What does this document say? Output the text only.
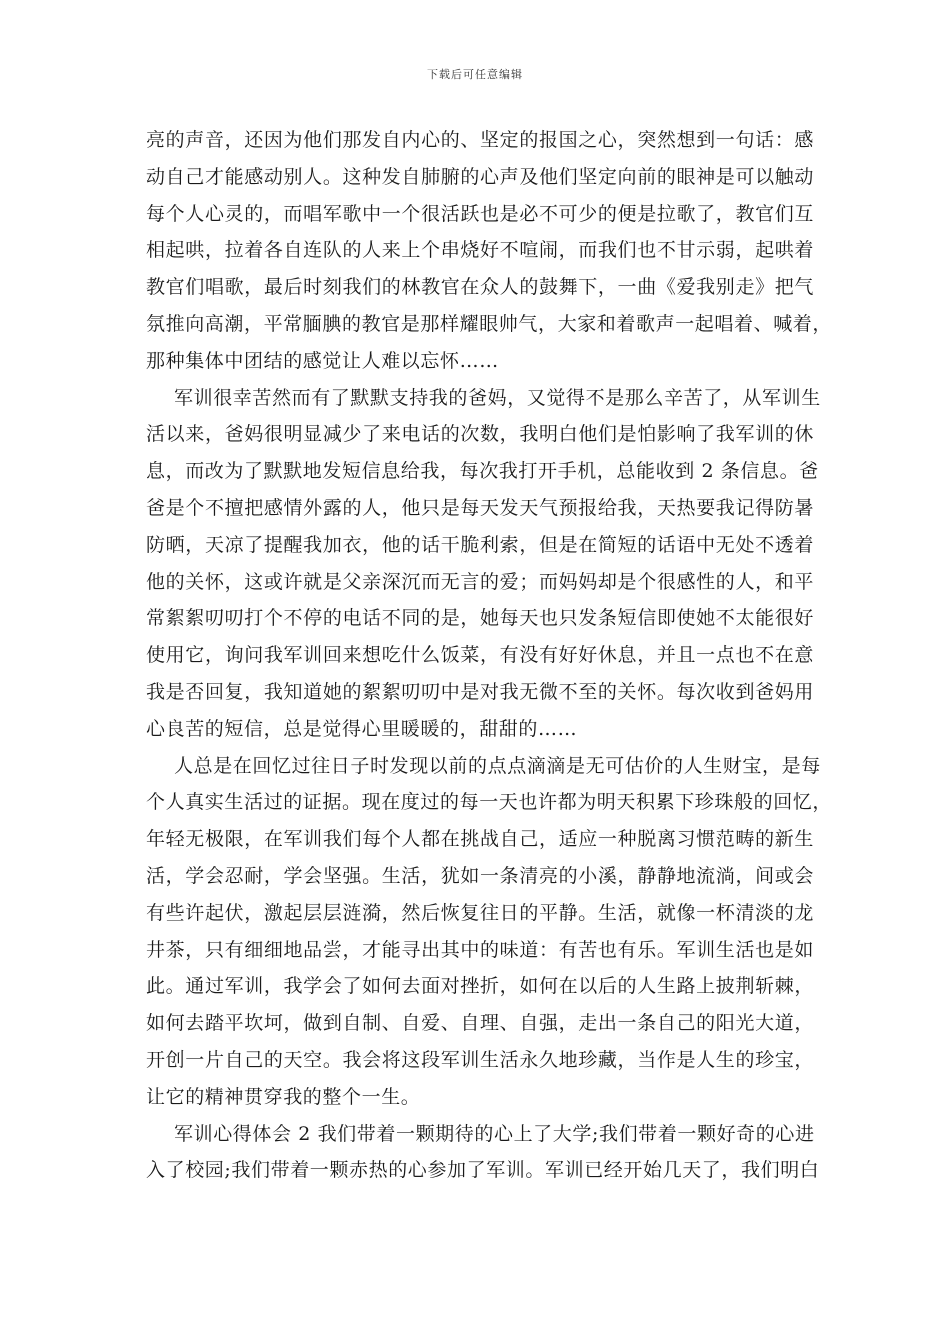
下载后可任意编辑
亮的声音，还因为他们那发自内心的、坚定的报国之心，突然想到一句话：感
动自己才能感动别人。这种发自肺腑的心声及他们坚定向前的眼神是可以触动
每个人心灵的，而唱军歌中一个很活跃也是必不可少的便是拉歌了，教官们互
相起哄，拉着各自连队的人来上个串烧好不喧闹，而我们也不甘示弱，起哄着
教官们唱歌，最后时刻我们的林教官在众人的鼓舞下，一曲《爱我别走》把气
氛推向高潮，平常腼腆的教官是那样耀眼帅气，大家和着歌声一起唱着、喊着，
那种集体中团结的感觉让人难以忘怀……
军训很幸苦然而有了默默支持我的爸妈，又觉得不是那么辛苦了，从军训生
活以来，爸妈很明显减少了来电话的次数，我明白他们是怕影响了我军训的休
息，而改为了默默地发短信息给我，每次我打开手机，总能收到 2 条信息。爸
爸是个不擅把感情外露的人，他只是每天发天气预报给我，天热要我记得防暑
防晒，天凉了提醒我加衣，他的话干脆利索，但是在简短的话语中无处不透着
他的关怀，这或许就是父亲深沉而无言的爱；而妈妈却是个很感性的人，和平
常絮絮叨叨打个不停的电话不同的是，她每天也只发条短信即使她不太能很好
使用它，询问我军训回来想吃什么饭菜，有没有好好休息，并且一点也不在意
我是否回复，我知道她的絮絮叨叨中是对我无微不至的关怀。每次收到爸妈用
心良苦的短信，总是觉得心里暖暖的，甜甜的……
人总是在回忆过往日子时发现以前的点点滴滴是无可估价的人生财宝，是每
个人真实生活过的证据。现在度过的每一天也许都为明天积累下珍珠般的回忆，
年轻无极限，在军训我们每个人都在挑战自己，适应一种脱离习惯范畴的新生
活，学会忍耐，学会坚强。生活，犹如一条清亮的小溪，静静地流淌，间或会
有些许起伏，激起层层涟漪，然后恢复往日的平静。生活，就像一杯清淡的龙
井茶，只有细细地品尝，才能寻出其中的味道：有苦也有乐。军训生活也是如
此。通过军训，我学会了如何去面对挫折，如何在以后的人生路上披荆斩棘，
如何去踏平坎坷，做到自制、自爱、自理、自强，走出一条自己的阳光大道，
开创一片自己的天空。我会将这段军训生活永久地珍藏，当作是人生的珍宝，
让它的精神贯穿我的整个一生。
军训心得体会 2 我们带着一颗期待的心上了大学;我们带着一颗好奇的心进
入了校园;我们带着一颗赤热的心参加了军训。军训已经开始几天了，我们明白
